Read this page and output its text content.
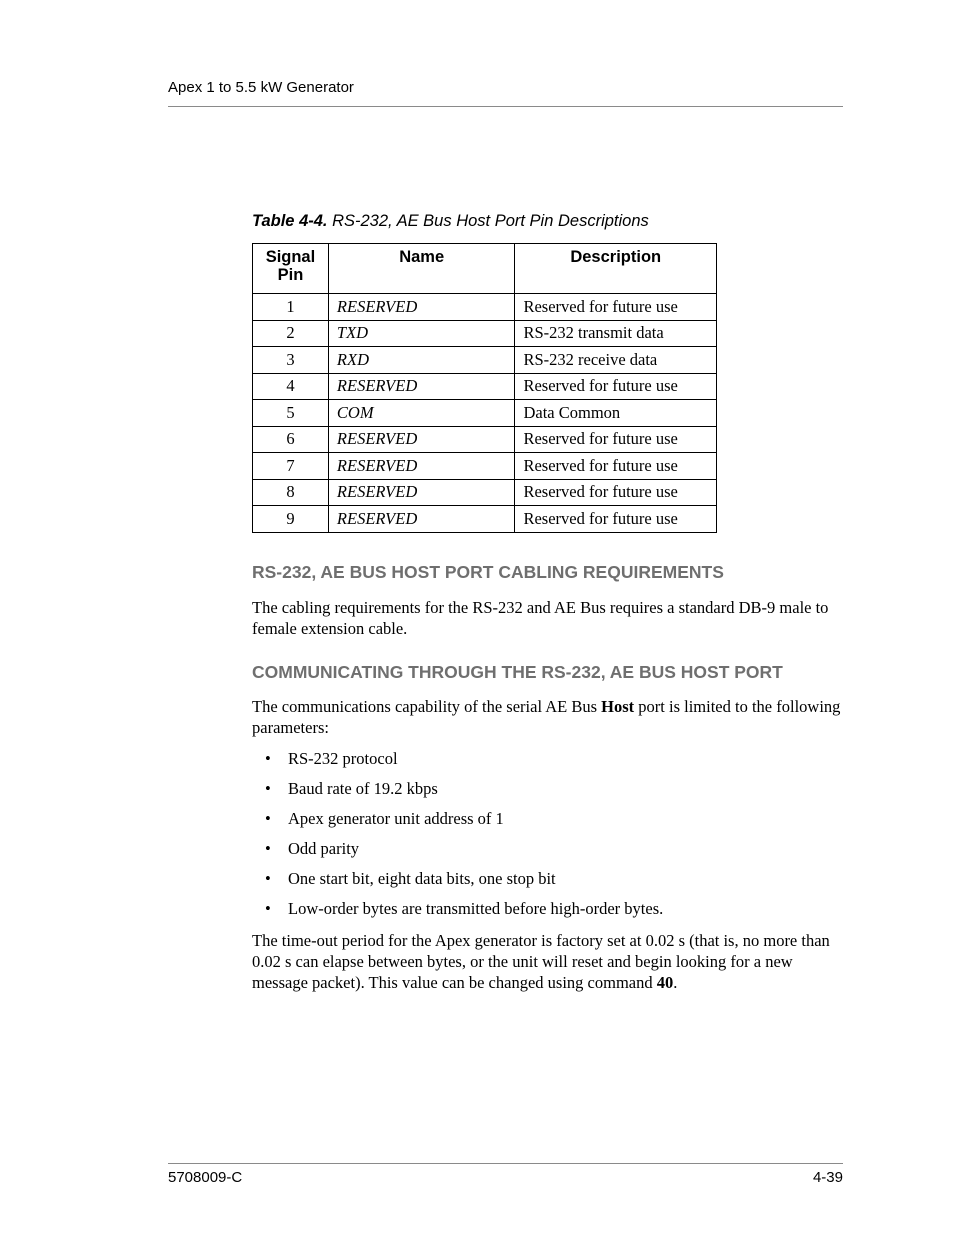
Apex 1 to 5.5 kW Generator
Table 4-4. RS-232, AE Bus Host Port Pin Descriptions
Signal
Pin	Name	Description
1	RESERVED	Reserved for future use
2	TXD	RS-232 transmit data
3	RXD	RS-232 receive data
4	RESERVED	Reserved for future use
5	COM	Data Common
6	RESERVED	Reserved for future use
7	RESERVED	Reserved for future use
8	RESERVED	Reserved for future use
9	RESERVED	Reserved for future use
RS-232, AE BUS HOST PORT CABLING REQUIREMENTS

The cabling requirements for the RS-232 and AE Bus requires a standard DB-9 male to female extension cable.

COMMUNICATING THROUGH THE RS-232, AE BUS HOST PORT

The communications capability of the serial AE Bus Host port is limited to the following parameters:

• RS-232 protocol
• Baud rate of 19.2 kbps
• Apex generator unit address of 1
• Odd parity
• One start bit, eight data bits, one stop bit
• Low-order bytes are transmitted before high-order bytes.

The time-out period for the Apex generator is factory set at 0.02 s (that is, no more than 0.02 s can elapse between bytes, or the unit will reset and begin looking for a new message packet). This value can be changed using command 40.

5708009-C	4-39
